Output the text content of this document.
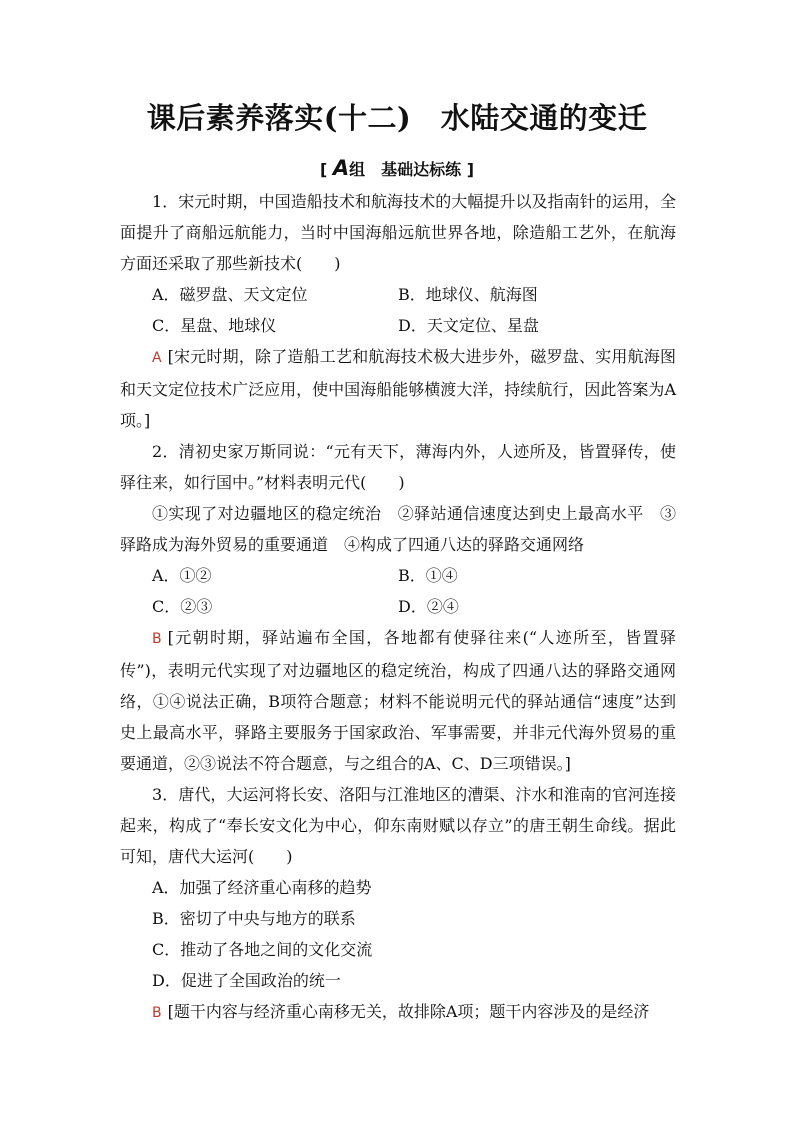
课后素养落实(十二)　水陆交通的变迁
[ A组　基础达标练 ]

1．宋元时期，中国造船技术和航海技术的大幅提升以及指南针的运用，全面提升了商船远航能力，当时中国海船远航世界各地，除造船工艺外，在航海方面还采取了那些新技术(　　)

A．磁罗盘、天文定位	B．地球仪、航海图
C．星盘、地球仪	D．天文定位、星盘

A [宋元时期，除了造船工艺和航海技术极大进步外，磁罗盘、实用航海图和天文定位技术广泛应用，使中国海船能够横渡大洋，持续航行，因此答案为A项。]

2．清初史家万斯同说：“元有天下，薄海内外，人迹所及，皆置驿传，使驿往来，如行国中。”材料表明元代(　　)

①实现了对边疆地区的稳定统治　②驿站通信速度达到史上最高水平　③驿路成为海外贸易的重要通道　④构成了四通八达的驿路交通网络

A．①②	B．①④
C．②③	D．②④

B [元朝时期，驿站遍布全国，各地都有使驿往来(“人迹所至，皆置驿传”)，表明元代实现了对边疆地区的稳定统治，构成了四通八达的驿路交通网络，①④说法正确，B项符合题意；材料不能说明元代的驿站通信“速度”达到史上最高水平，驿路主要服务于国家政治、军事需要，并非元代海外贸易的重要通道，②③说法不符合题意，与之组合的A、C、D三项错误。]

3．唐代，大运河将长安、洛阳与江淮地区的漕渠、汴水和淮南的官河连接起来，构成了“奉长安文化为中心，仰东南财赋以存立”的唐王朝生命线。据此可知，唐代大运河(　　)

A．加强了经济重心南移的趋势
B．密切了中央与地方的联系
C．推动了各地之间的文化交流
D．促进了全国政治的统一

B [题干内容与经济重心南移无关，故排除A项；题干内容涉及的是经济
